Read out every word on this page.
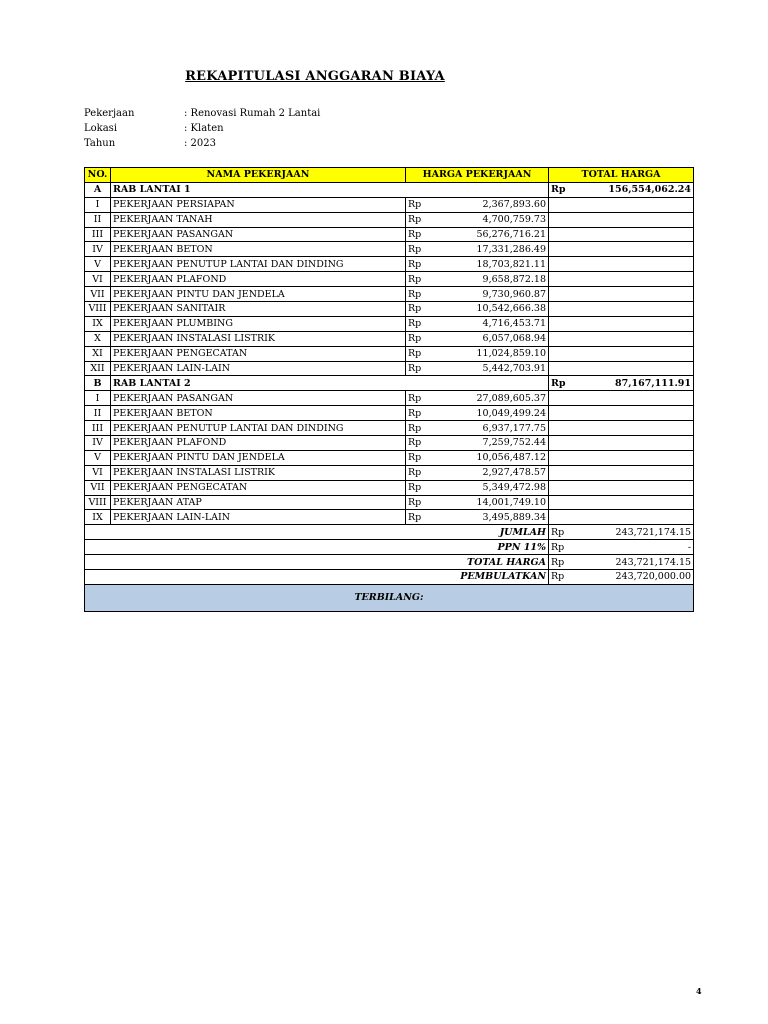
REKAPITULASI ANGGARAN BIAYA
Pekerjaan	: Renovasi Rumah 2 Lantai
Lokasi	: Klaten
Tahun	: 2023
NO.	NAMA PEKERJAAN	HARGA PEKERJAAN		TOTAL HARGA	
A	RAB LANTAI 1			Rp	156,554,062.24
I	PEKERJAAN PERSIAPAN	Rp	2,367,893.60		
II	PEKERJAAN TANAH	Rp	4,700,759.73		
III	PEKERJAAN PASANGAN	Rp	56,276,716.21		
IV	PEKERJAAN BETON	Rp	17,331,286.49		
V	PEKERJAAN PENUTUP LANTAI DAN DINDING	Rp	18,703,821.11		
VI	PEKERJAAN PLAFOND	Rp	9,658,872.18		
VII	PEKERJAAN PINTU DAN JENDELA	Rp	9,730,960.87		
VIII	PEKERJAAN SANITAIR	Rp	10,542,666.38		
IX	PEKERJAAN PLUMBING	Rp	4,716,453.71		
X	PEKERJAAN INSTALASI LISTRIK	Rp	6,057,068.94		
XI	PEKERJAAN PENGECATAN	Rp	11,024,859.10		
XII	PEKERJAAN LAIN-LAIN	Rp	5,442,703.91		
B	RAB LANTAI 2			Rp	87,167,111.91
I	PEKERJAAN PASANGAN	Rp	27,089,605.37		
II	PEKERJAAN BETON	Rp	10,049,499.24		
III	PEKERJAAN PENUTUP LANTAI DAN DINDING	Rp	6,937,177.75		
IV	PEKERJAAN PLAFOND	Rp	7,259,752.44		
V	PEKERJAAN PINTU DAN JENDELA	Rp	10,056,487.12		
VI	PEKERJAAN INSTALASI LISTRIK	Rp	2,927,478.57		
VII	PEKERJAAN PENGECATAN	Rp	5,349,472.98		
VIII	PEKERJAAN ATAP	Rp	14,001,749.10		
IX	PEKERJAAN LAIN-LAIN	Rp	3,495,889.34		
JUMLAH				Rp	243,721,174.15
PPN 11%				Rp	-
TOTAL HARGA				Rp	243,721,174.15
PEMBULATKAN				Rp	243,720,000.00
TERBILANG:					
4
